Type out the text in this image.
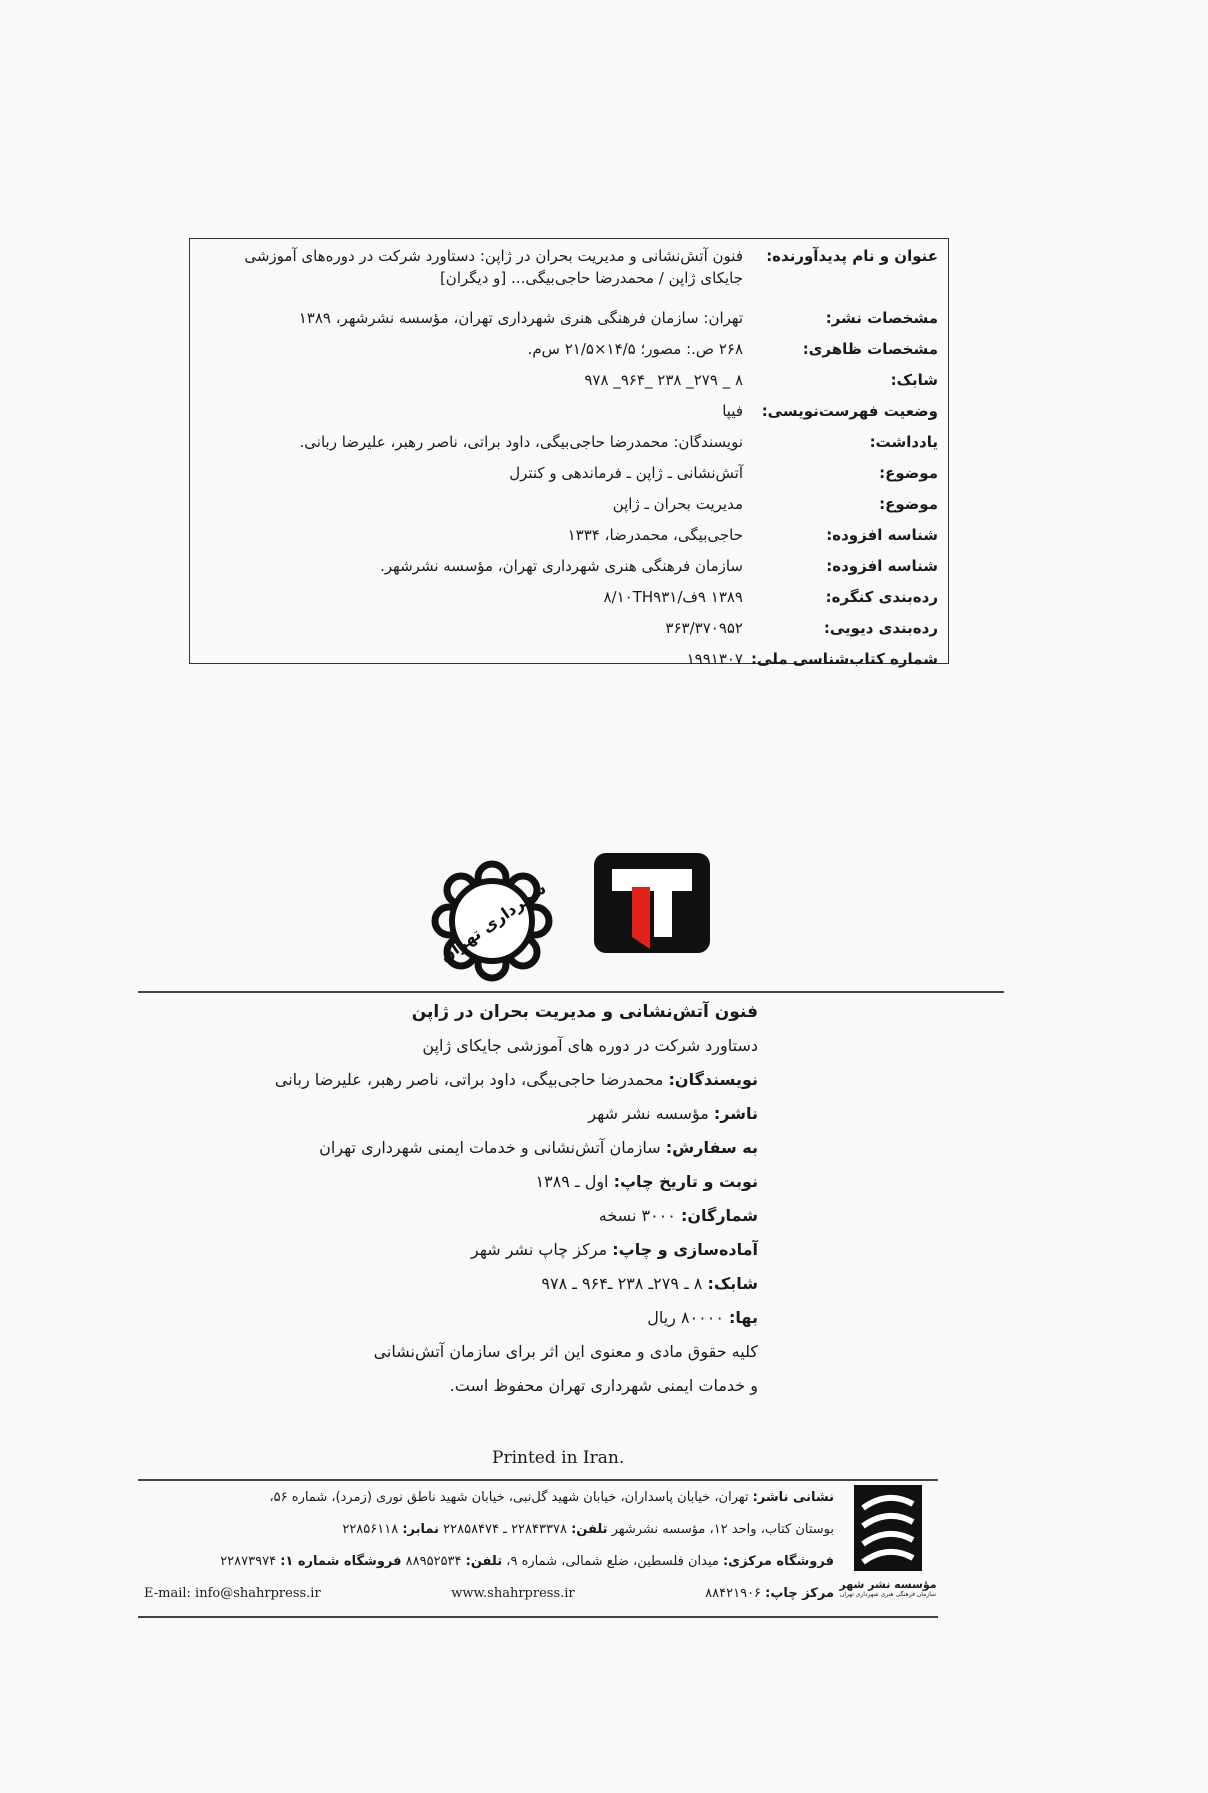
عنوان و نام پدیدآورنده:
فنون آتش‌نشانی و مدیریت بحران در ژاپن: دستاورد شرکت در دوره‌های آموزشی جایکای ژاپن / محمدرضا حاجی‌بیگی... [و دیگران]
مشخصات نشر:
تهران: سازمان فرهنگی هنری شهرداری تهران، مؤسسه نشرشهر، ۱۳۸۹
مشخصات ظاهری:
۲۶۸ ص.: مصور؛ ۱۴/۵×۲۱/۵ س‌م.
شابک:
۸ _ ۲۷۹_ ۲۳۸ _۹۶۴_ ۹۷۸
وضعیت فهرست‌نویسی:
فیپا
یادداشت:
نویسندگان: محمدرضا حاجی‌بیگی، داود براتی، ناصر رهبر، علیرضا ربانی.
موضوع:
آتش‌نشانی ـ ژاپن ـ فرماندهی و کنترل
موضوع:
مدیریت بحران ـ ژاپن
شناسه افزوده:
حاجی‌بیگی، محمدرضا، ۱۳۳۴
شناسه افزوده:
سازمان فرهنگی هنری شهرداری تهران، مؤسسه نشرشهر.
رده‌بندی کنگره:
۱۳۸۹ ۹ف/۸/۱۰TH۹۳۱
رده‌بندی دیویی:
۳۶۳/۳۷۰۹۵۲
شماره کتاب‌شناسی ملی:
۱۹۹۱۳۰۷
شهرداری تهران

فنون آتش‌نشانی و مدیریت بحران در ژاپن

دستاورد شرکت در دوره های آموزشی جایکای ژاپن

نویسندگان: محمدرضا حاجی‌بیگی، داود براتی، ناصر رهبر، علیرضا ربانی

ناشر: مؤسسه نشر شهر

به سفارش: سازمان آتش‌نشانی و خدمات ایمنی شهرداری تهران

نوبت و تاریخ چاپ: اول ـ ۱۳۸۹

شمارگان: ۳۰۰۰ نسخه

آماده‌سازی و چاپ: مرکز چاپ نشر شهر

شابک: ۸ ـ ۲۷۹ـ ۲۳۸ ـ۹۶۴ ـ ۹۷۸

بها: ۸۰۰۰۰ ریال

کلیه حقوق مادی و معنوی این اثر برای سازمان آتش‌نشانی

و خدمات ایمنی شهرداری تهران محفوظ است.

Printed in Iran.
مؤسسه نشر شهر
سازمان فرهنگی هنری شهرداری تهران

نشانی ناشر: تهران، خیابان پاسداران، خیابان شهید گل‌نبی، خیابان شهید ناطق نوری (زمرد)، شماره ۵۶،

بوستان کتاب، واحد ۱۲، مؤسسه نشرشهر تلفن: ۲۲۸۴۳۳۷۸ ـ ۲۲۸۵۸۴۷۴ نمابر: ۲۲۸۵۶۱۱۸

فروشگاه مرکزی: میدان فلسطین، ضلع شمالی، شماره ۹، تلفن: ۸۸۹۵۲۵۳۴ فروشگاه شماره ۱: ۲۲۸۷۳۹۷۴

مرکز چاپ: ۸۸۴۲۱۹۰۶
www.shahrpress.ir
E-mail: info@shahrpress.ir
